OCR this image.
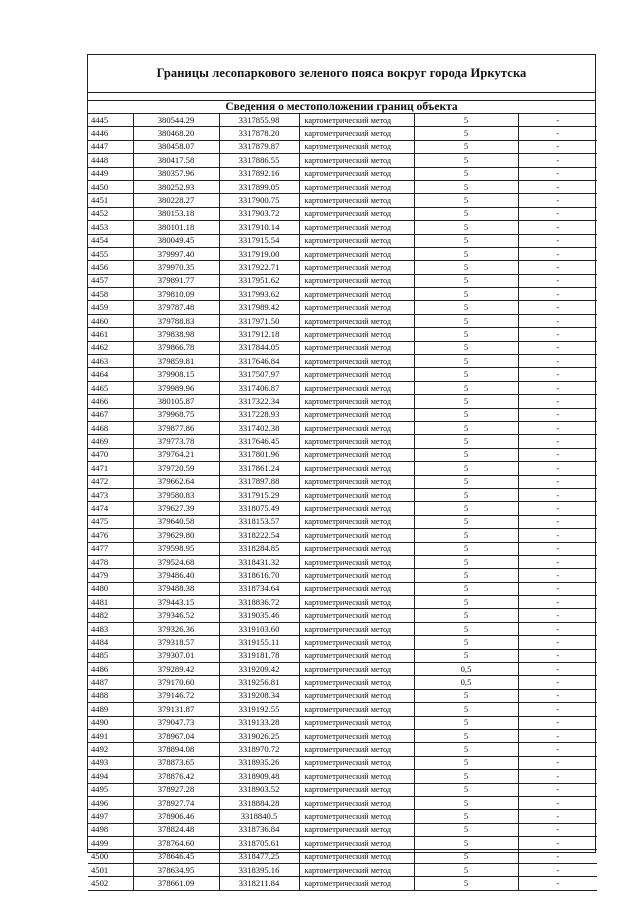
Границы лесопаркового зеленого пояса вокруг города Иркутска
Сведения о местоположении границ объекта
4445	380544.29	3317855.98	картометрический метод	5	-
4446	380468.20	3317878.20	картометрический метод	5	-
4447	380458.07	3317879.87	картометрический метод	5	-
4448	380417.58	3317886.55	картометрический метод	5	-
4449	380357.96	3317892.16	картометрический метод	5	-
4450	380252.93	3317899.05	картометрический метод	5	-
4451	380228.27	3317900.75	картометрический метод	5	-
4452	380153.18	3317903.72	картометрический метод	5	-
4453	380101.18	3317910.14	картометрический метод	5	-
4454	380049.45	3317915.54	картометрический метод	5	-
4455	379997.40	3317919.00	картометрический метод	5	-
4456	379970.35	3317922.71	картометрический метод	5	-
4457	379891.77	3317951.62	картометрический метод	5	-
4458	379810.09	3317993.62	картометрический метод	5	-
4459	379787.48	3317989.42	картометрический метод	5	-
4460	379788.83	3317971.50	картометрический метод	5	-
4461	379838.98	3317912.18	картометрический метод	5	-
4462	379866.78	3317844.05	картометрический метод	5	-
4463	379859.81	3317646.84	картометрический метод	5	-
4464	379908.15	3317507.97	картометрический метод	5	-
4465	379989.96	3317406.87	картометрический метод	5	-
4466	380105.87	3317322.34	картометрический метод	5	-
4467	379968.75	3317228.93	картометрический метод	5	-
4468	379877.86	3317402.38	картометрический метод	5	-
4469	379773.78	3317646.45	картометрический метод	5	-
4470	379764.21	3317801.96	картометрический метод	5	-
4471	379720.59	3317861.24	картометрический метод	5	-
4472	379662.64	3317897.88	картометрический метод	5	-
4473	379580.83	3317915.29	картометрический метод	5	-
4474	379627.39	3318075.49	картометрический метод	5	-
4475	379640.58	3318153.57	картометрический метод	5	-
4476	379629.80	3318222.54	картометрический метод	5	-
4477	379598.95	3318284.85	картометрический метод	5	-
4478	379524.68	3318431.32	картометрический метод	5	-
4479	379486.40	3318616.70	картометрический метод	5	-
4480	379488.38	3318734.64	картометрический метод	5	-
4481	379443.15	3318836.72	картометрический метод	5	-
4482	379346.52	3319035.46	картометрический метод	5	-
4483	379326.36	3319103.60	картометрический метод	5	-
4484	379318.57	3319155.11	картометрический метод	5	-
4485	379307.01	3319181.78	картометрический метод	5	-
4486	379289.42	3319209.42	картометрический метод	0,5	-
4487	379170.60	3319256.81	картометрический метод	0,5	-
4488	379146.72	3319208.34	картометрический метод	5	-
4489	379131.87	3319192.55	картометрический метод	5	-
4490	379047.73	3319133.28	картометрический метод	5	-
4491	378967.04	3319026.25	картометрический метод	5	-
4492	378894.08	3318970.72	картометрический метод	5	-
4493	378873.65	3318935.26	картометрический метод	5	-
4494	378876.42	3318909.48	картометрический метод	5	-
4495	378927.28	3318903.52	картометрический метод	5	-
4496	378927.74	3318884.28	картометрический метод	5	-
4497	378906.46	3318840.5	картометрический метод	5	-
4498	378824.48	3318736.84	картометрический метод	5	-
4499	378764.60	3318705.61	картометрический метод	5	-
4500	378646.45	3318477.25	картометрический метод	5	-
4501	378634.95	3318395.16	картометрический метод	5	-
4502	378661.09	3318211.84	картометрический метод	5	-
